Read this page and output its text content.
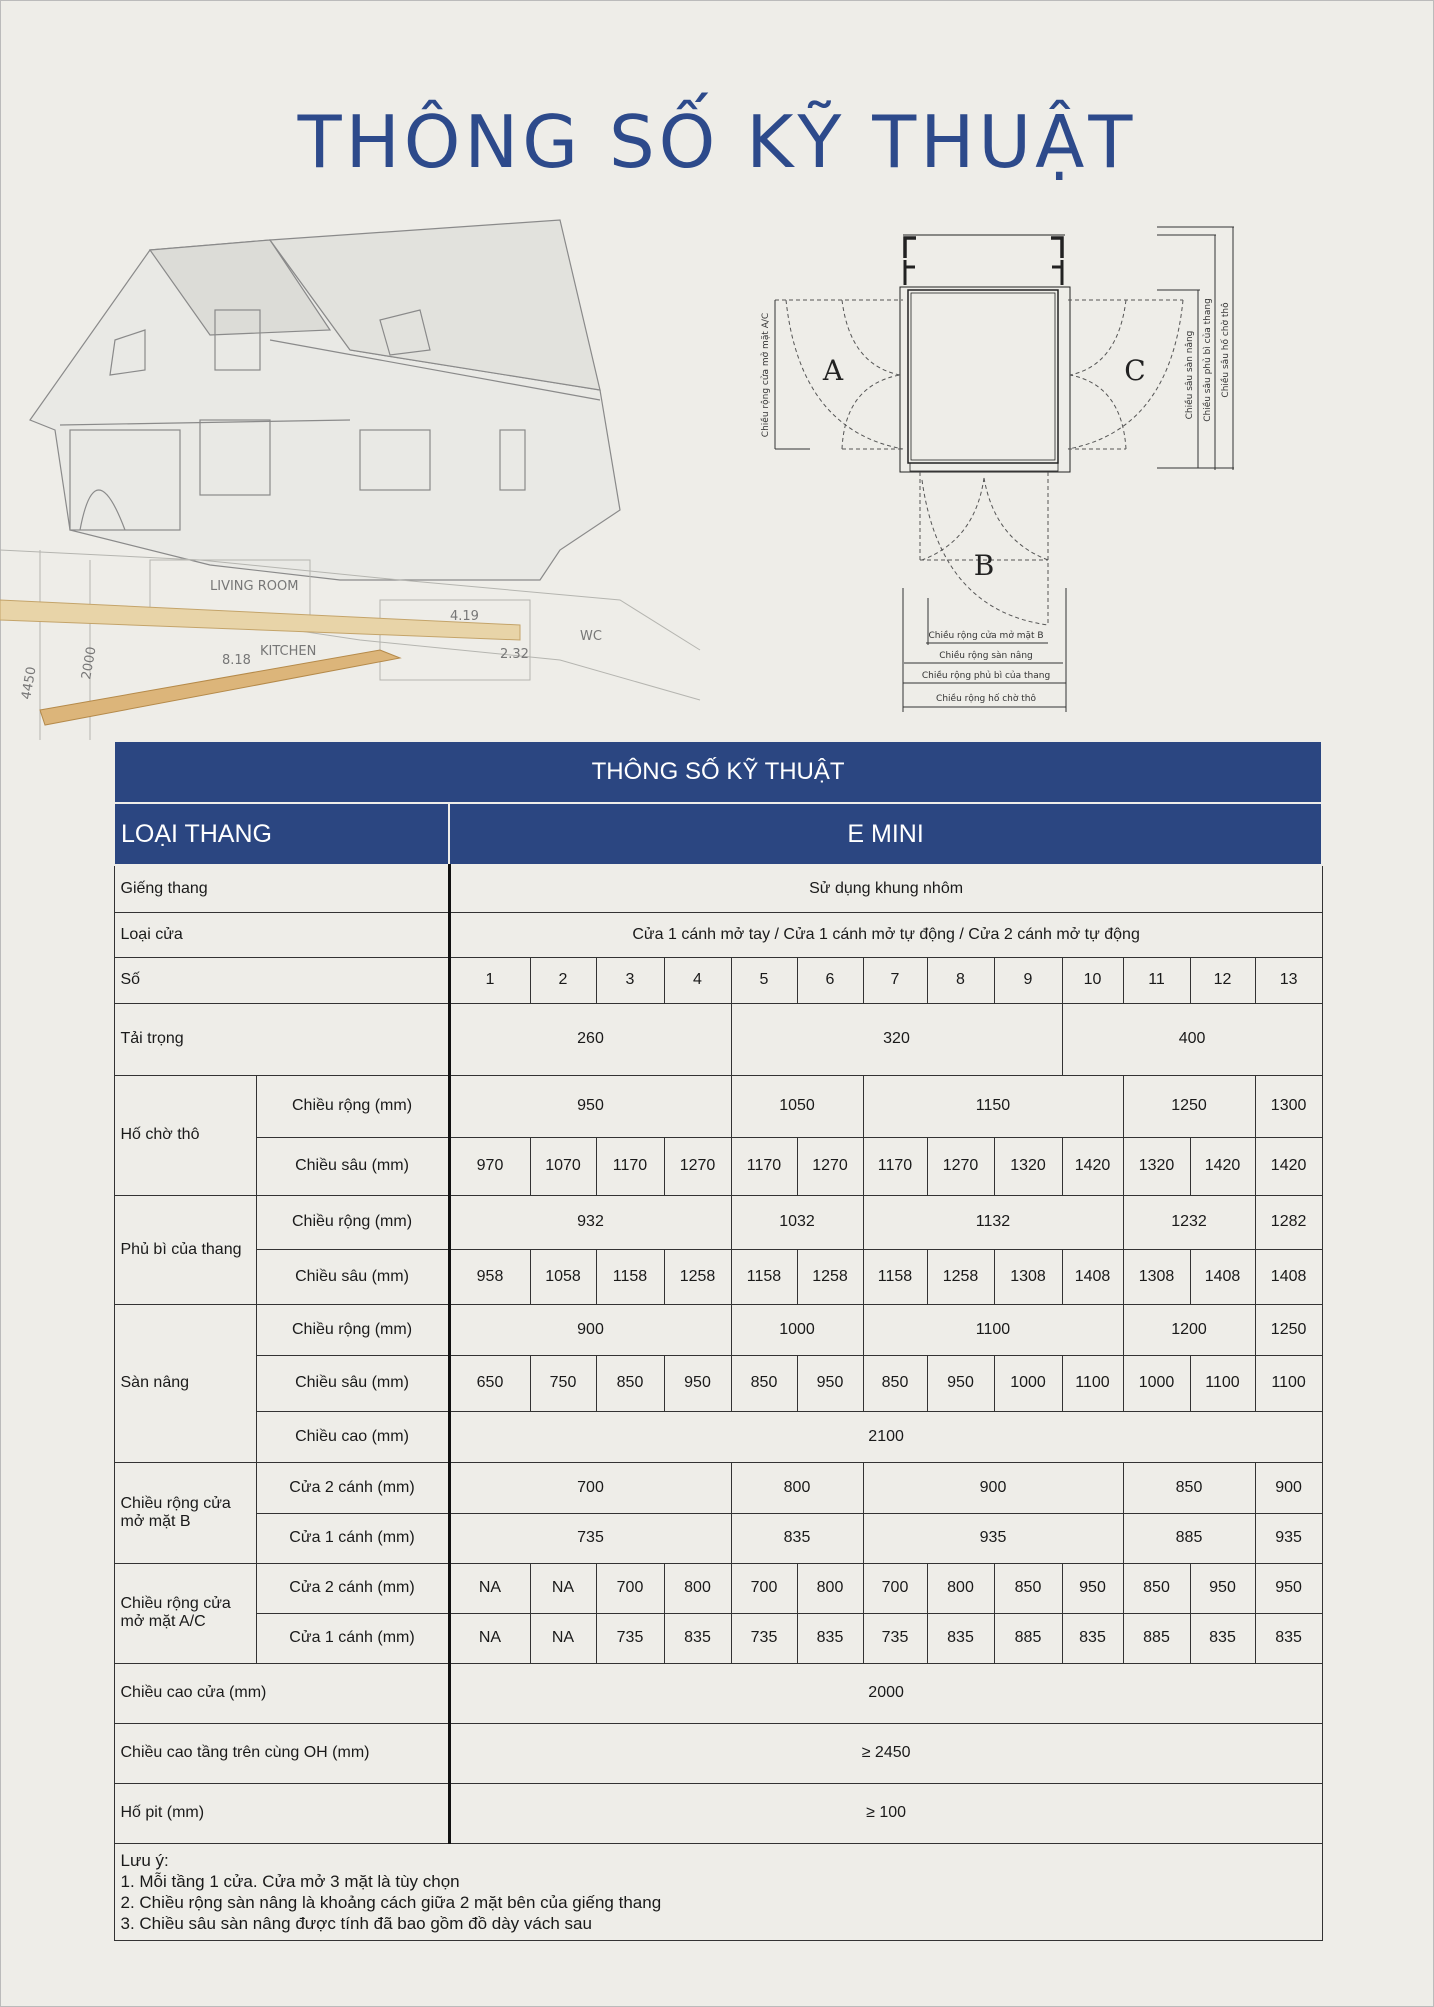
THÔNG SỐ KỸ THUẬT
LIVING ROOM
KITCHEN
8.18
WC
4.19
2.32
4450
2000
A	C
B
Chiều rộng cửa mở mặt B
Chiều rộng sàn nâng
Chiều rộng phủ bì của thang
Chiều rộng hố chờ thô
Chiều rộng cửa mở mặt A/C	Chiều sâu sàn nâng Chiều sâu phủ bì của thang Chiều sâu hố chờ thô
THÔNG SỐ KỸ THUẬT														
LOẠI THANG		E MINI												
Giếng thang		Sử dụng khung nhôm												
Loại cửa		Cửa 1 cánh mở tay / Cửa 1 cánh mở tự động / Cửa 2 cánh mở tự động												
Số		1	2	3	4	5	6	7	8	9	10	11	12	13
Tải trọng		260				320					400			
Hố chờ thô	Chiều rộng (mm)	950				1050		1150				1250		1300
	Chiều sâu (mm)	970	1070	1170	1270	1170	1270	1170	1270	1320	1420	1320	1420	1420
Phủ bì của thang	Chiều rộng (mm)	932				1032		1132				1232		1282
	Chiều sâu (mm)	958	1058	1158	1258	1158	1258	1158	1258	1308	1408	1308	1408	1408
Sàn nâng	Chiều rộng (mm)	900				1000		1100				1200		1250
	Chiều sâu (mm)	650	750	850	950	850	950	850	950	1000	1100	1000	1100	1100
	Chiều cao (mm)	2100												
Chiều rộng cửa mở mặt B	Cửa 2 cánh (mm)	700				800		900				850		900
	Cửa 1 cánh (mm)	735				835		935				885		935
Chiều rộng cửa mở mặt A/C	Cửa 2 cánh (mm)	NA	NA	700	800	700	800	700	800	850	950	850	950	950
	Cửa 1 cánh (mm)	NA	NA	735	835	735	835	735	835	885	835	885	835	835
Chiều cao cửa (mm)		2000												
Chiều cao tầng trên cùng OH (mm)		≥ 2450												
Hố pit (mm)		≥ 100												

Lưu ý:
1. Mỗi tầng 1 cửa. Cửa mở 3 mặt là tùy chọn
2. Chiều rộng sàn nâng là khoảng cách giữa 2 mặt bên của giếng thang
3. Chiều sâu sàn nâng được tính đã bao gồm đồ dày vách sau														
